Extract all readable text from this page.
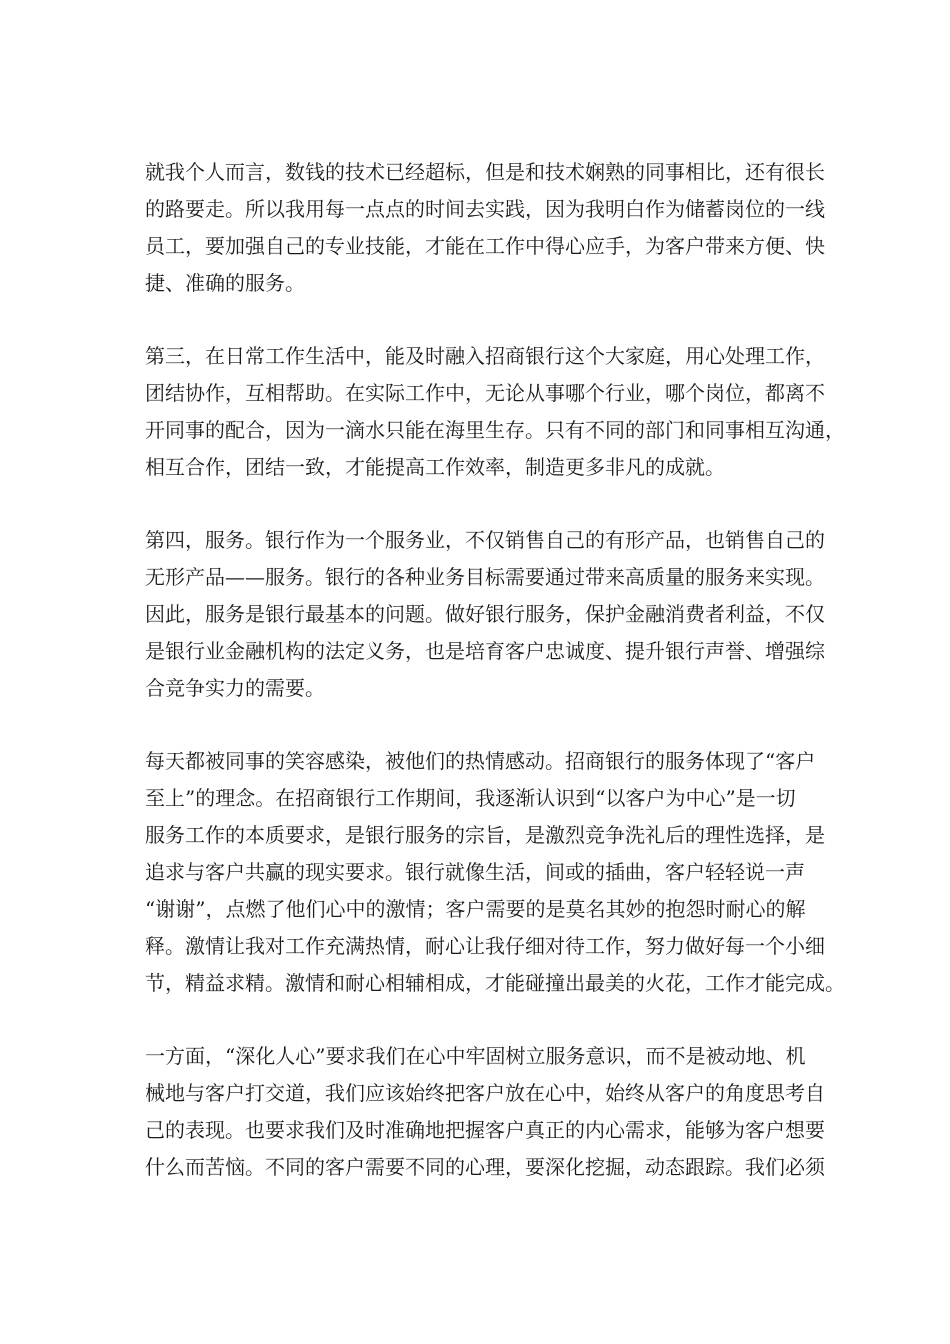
就我个人而言，数钱的技术已经超标，但是和技术娴熟的同事相比，还有很长
的路要走。所以我用每一点点的时间去实践，因为我明白作为储蓄岗位的一线
员工，要加强自己的专业技能，才能在工作中得心应手，为客户带来方便、快
捷、准确的服务。

第三，在日常工作生活中，能及时融入招商银行这个大家庭，用心处理工作，
团结协作，互相帮助。在实际工作中，无论从事哪个行业，哪个岗位，都离不
开同事的配合，因为一滴水只能在海里生存。只有不同的部门和同事相互沟通，
相互合作，团结一致，才能提高工作效率，制造更多非凡的成就。

第四，服务。银行作为一个服务业，不仅销售自己的有形产品，也销售自己的
无形产品——服务。银行的各种业务目标需要通过带来高质量的服务来实现。
因此，服务是银行最基本的问题。做好银行服务，保护金融消费者利益，不仅
是银行业金融机构的法定义务，也是培育客户忠诚度、提升银行声誉、增强综
合竞争实力的需要。

每天都被同事的笑容感染，被他们的热情感动。招商银行的服务体现了“客户
至上”的理念。在招商银行工作期间，我逐渐认识到“以客户为中心”是一切
服务工作的本质要求，是银行服务的宗旨，是激烈竞争洗礼后的理性选择，是
追求与客户共赢的现实要求。银行就像生活，间或的插曲，客户轻轻说一声
“谢谢”，点燃了他们心中的激情；客户需要的是莫名其妙的抱怨时耐心的解
释。激情让我对工作充满热情，耐心让我仔细对待工作，努力做好每一个小细
节，精益求精。激情和耐心相辅相成，才能碰撞出最美的火花，工作才能完成。

一方面，“深化人心”要求我们在心中牢固树立服务意识，而不是被动地、机
械地与客户打交道，我们应该始终把客户放在心中，始终从客户的角度思考自
己的表现。也要求我们及时准确地把握客户真正的内心需求，能够为客户想要
什么而苦恼。不同的客户需要不同的心理，要深化挖掘，动态跟踪。我们必须
